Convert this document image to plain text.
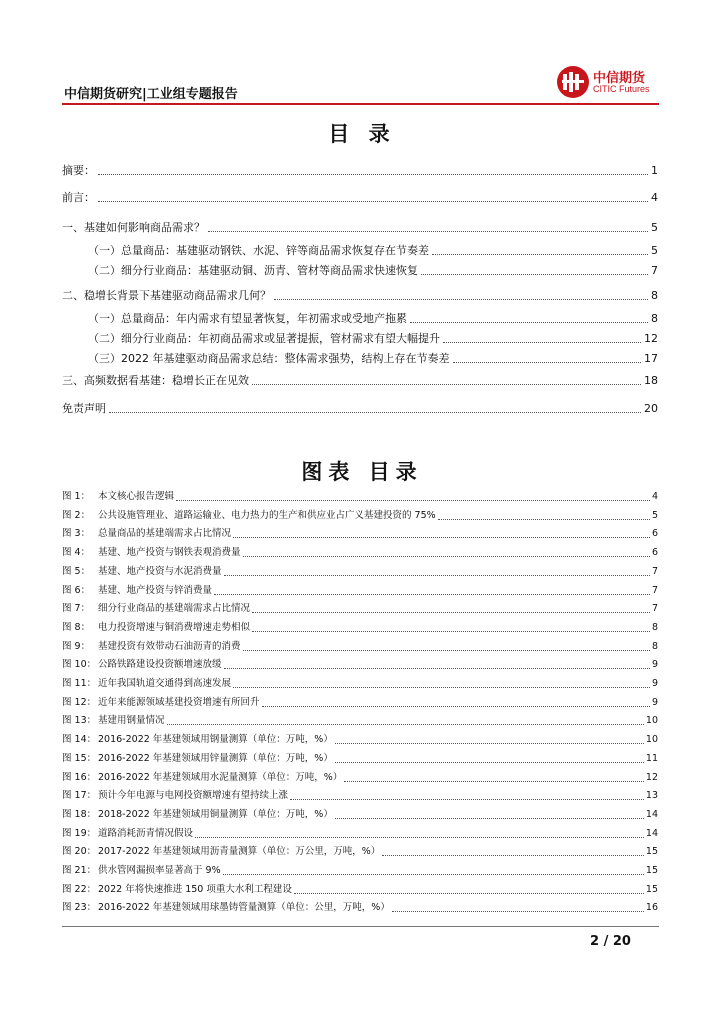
中信期货研究|工业组专题报告
中信期货
CITIC Futures
目 录
摘要：	1
前言：	4
一、基建如何影响商品需求？	5
（一）总量商品：基建驱动钢铁、水泥、锌等商品需求恢复存在节奏差	5
（二）细分行业商品：基建驱动铜、沥青、管材等商品需求快速恢复	7
二、稳增长背景下基建驱动商品需求几何？	8
（一）总量商品：年内需求有望显著恢复，年初需求或受地产拖累	8
（二）细分行业商品：年初商品需求或显著提振，管材需求有望大幅提升	12
（三）2022 年基建驱动商品需求总结：整体需求强势，结构上存在节奏差	17
三、高频数据看基建：稳增长正在见效	18
免责声明	20
图表 目录
图 1： 本文核心报告逻辑	4
图 2： 公共设施管理业、道路运输业、电力热力的生产和供应业占广义基建投资的 75%	5
图 3： 总量商品的基建端需求占比情况	6
图 4： 基建、地产投资与钢铁表观消费量	6
图 5： 基建、地产投资与水泥消费量	7
图 6： 基建、地产投资与锌消费量	7
图 7： 细分行业商品的基建端需求占比情况	7
图 8： 电力投资增速与铜消费增速走势相似	8
图 9： 基建投资有效带动石油沥青的消费	8
图 10： 公路铁路建设投资额增速放缓	9
图 11： 近年我国轨道交通得到高速发展	9
图 12： 近年来能源领域基建投资增速有所回升	9
图 13： 基建用钢量情况	10
图 14： 2016-2022 年基建领域用钢量测算（单位：万吨，%）	10
图 15： 2016-2022 年基建领域用锌量测算（单位：万吨，%）	11
图 16： 2016-2022 年基建领域用水泥量测算（单位：万吨，%）	12
图 17： 预计今年电源与电网投资额增速有望持续上涨	13
图 18： 2018-2022 年基建领域用铜量测算（单位：万吨，%）	14
图 19： 道路消耗沥青情况假设	14
图 20： 2017-2022 年基建领域用沥青量测算（单位：万公里，万吨，%）	15
图 21： 供水管网漏损率显著高于 9%	15
图 22： 2022 年将快速推进 150 项重大水利工程建设	15
图 23： 2016-2022 年基建领域用球墨铸管量测算（单位：公里，万吨，%）	16
2 / 20
